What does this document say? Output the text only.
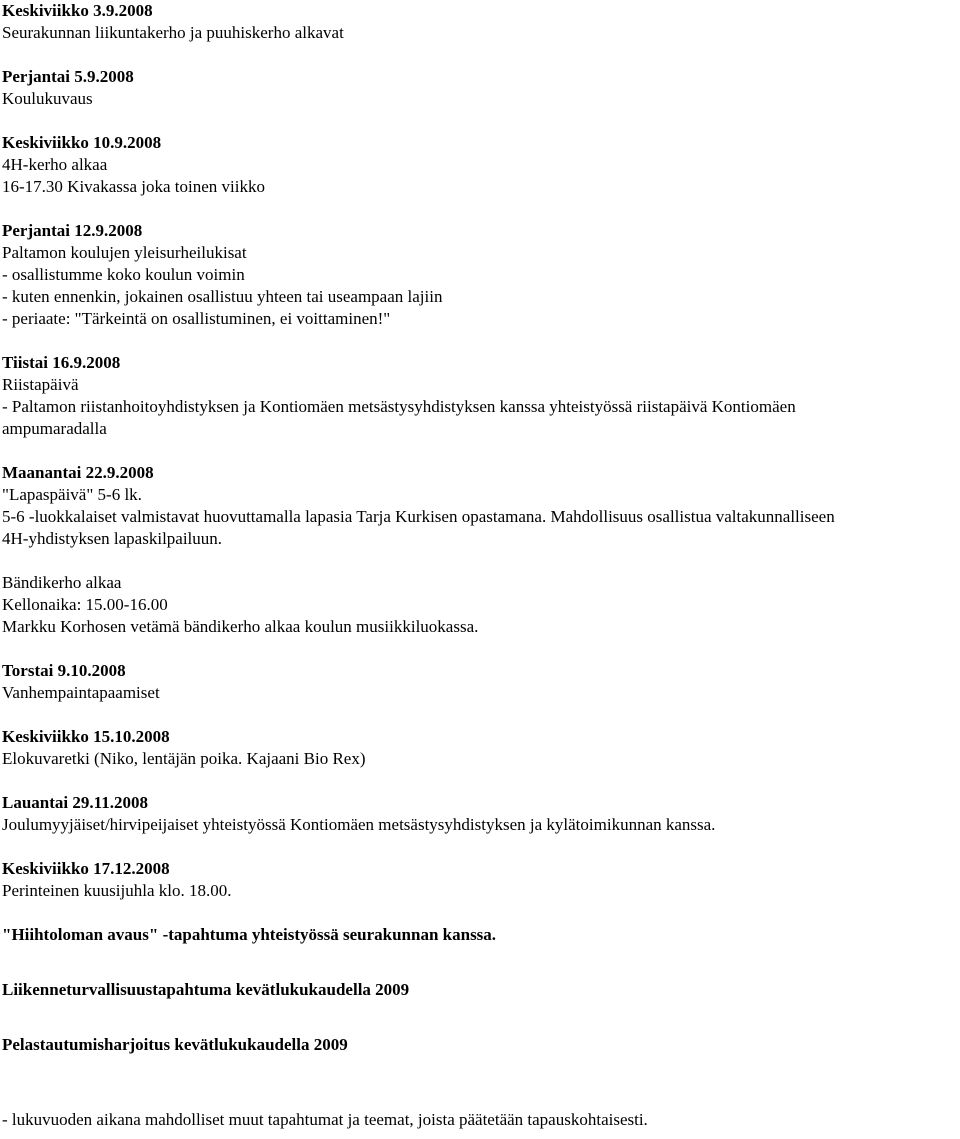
Keskiviikko 3.9.2008
Seurakunnan liikuntakerho ja puuhiskerho alkavat
Perjantai 5.9.2008
Koulukuvaus
Keskiviikko 10.9.2008
4H-kerho alkaa
16-17.30 Kivakassa joka toinen viikko
Perjantai 12.9.2008
Paltamon koulujen yleisurheilukisat
- osallistumme koko koulun voimin
- kuten ennenkin, jokainen osallistuu yhteen tai useampaan lajiin
- periaate: "Tärkeintä on osallistuminen, ei voittaminen!"
Tiistai 16.9.2008
Riistapäivä
- Paltamon riistanhoitoyhdistyksen ja Kontiomäen metsästysyhdistyksen kanssa yhteistyössä riistapäivä Kontiomäen
ampumaradalla
Maanantai 22.9.2008
"Lapaspäivä" 5-6 lk.
5-6 -luokkalaiset valmistavat huovuttamalla lapasia Tarja Kurkisen opastamana. Mahdollisuus osallistua valtakunnalliseen
4H-yhdistyksen lapaskilpailuun.
Bändikerho alkaa
Kellonaika: 15.00-16.00
Markku Korhosen vetämä bändikerho alkaa koulun musiikkiluokassa.
Torstai 9.10.2008
Vanhempaintapaamiset
Keskiviikko 15.10.2008
Elokuvaretki (Niko, lentäjän poika. Kajaani Bio Rex)
Lauantai 29.11.2008
Joulumyyjäiset/hirvipeijaiset yhteistyössä Kontiomäen metsästysyhdistyksen ja kylätoimikunnan kanssa.
Keskiviikko 17.12.2008
Perinteinen kuusijuhla klo. 18.00.
"Hiihtoloman avaus" -tapahtuma yhteistyössä seurakunnan kanssa.
Liikenneturvallisuustapahtuma kevätlukukaudella 2009
Pelastautumisharjoitus kevätlukukaudella 2009
- lukuvuoden aikana mahdolliset muut tapahtumat ja teemat, joista päätetään tapauskohtaisesti.
